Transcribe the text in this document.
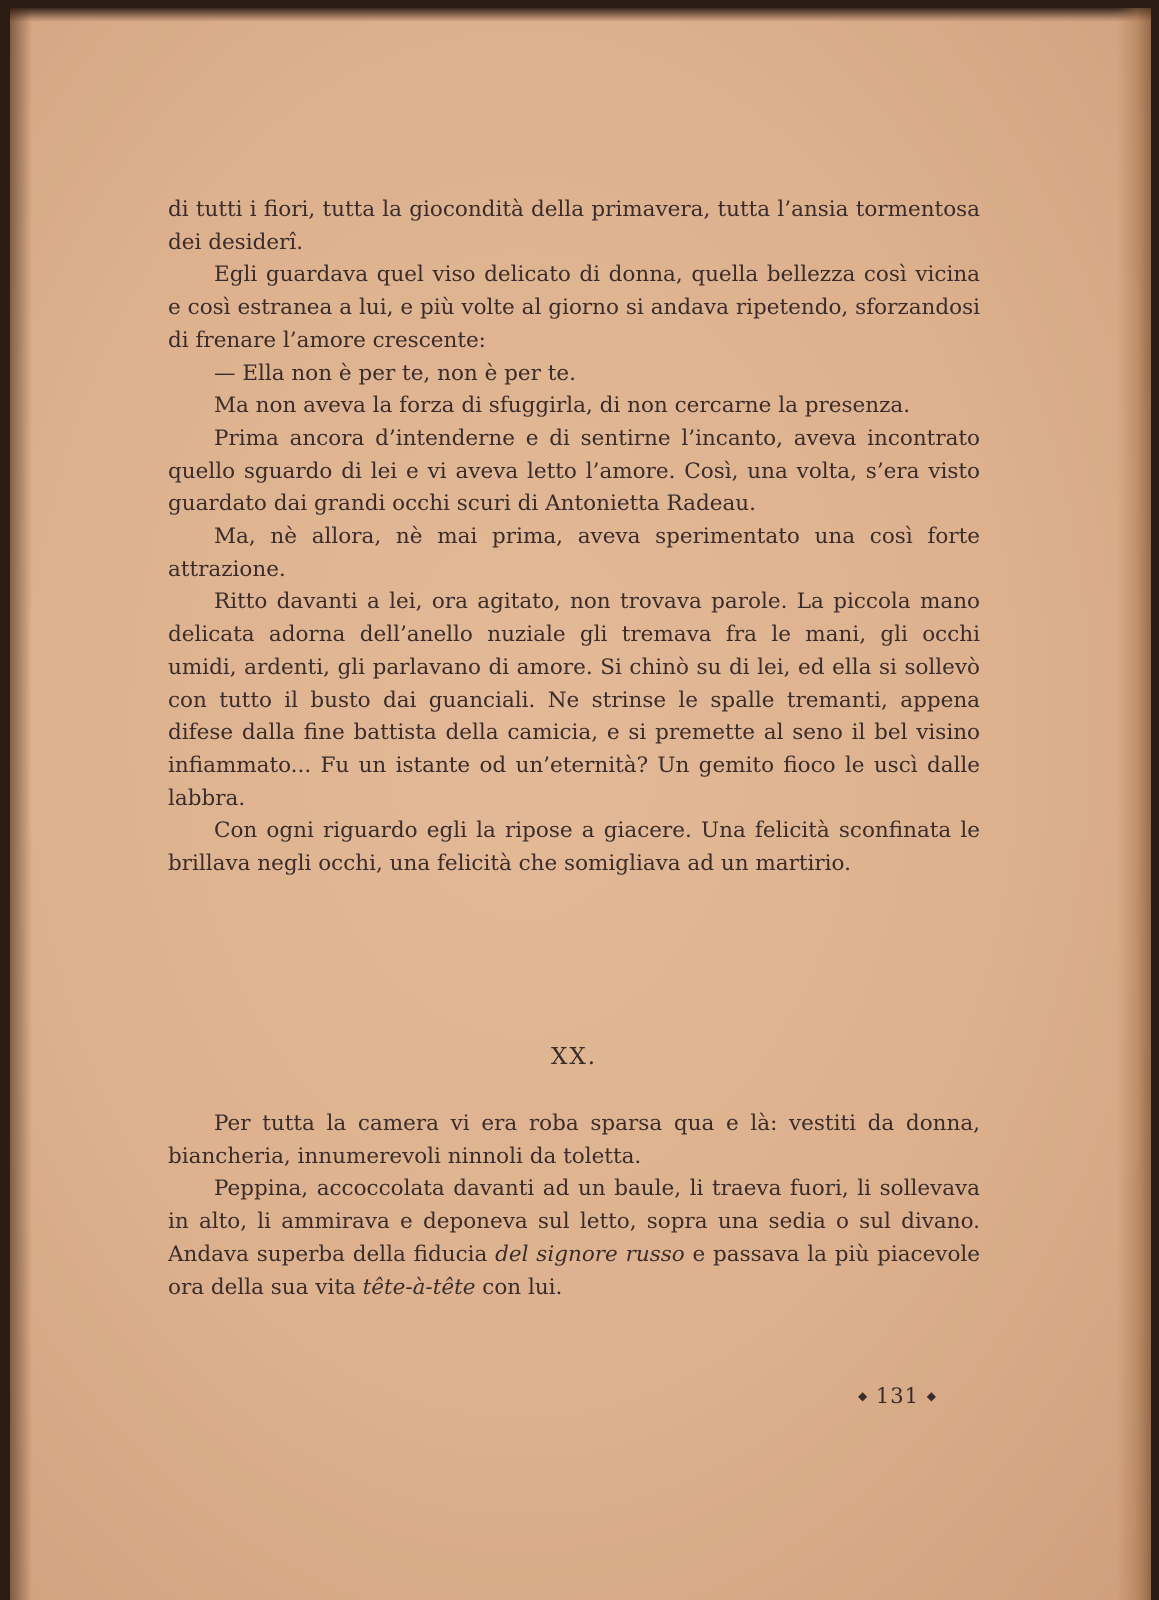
di tutti i fiori, tutta la giocondità della primavera, tutta l’ansia tormentosa dei desiderî.

Egli guardava quel viso delicato di donna, quella bellezza così vicina e così estranea a lui, e più volte al giorno si andava ripetendo, sforzandosi di frenare l’amore crescente:

— Ella non è per te, non è per te.

Ma non aveva la forza di sfuggirla, di non cercarne la presenza.

Prima ancora d’intenderne e di sentirne l’incanto, aveva incontrato quello sguardo di lei e vi aveva letto l’amore. Così, una volta, s’era visto guardato dai grandi occhi scuri di Antonietta Radeau.

Ma, nè allora, nè mai prima, aveva sperimentato una così forte attrazione.

Ritto davanti a lei, ora agitato, non trovava parole. La piccola mano delicata adorna dell’anello nuziale gli tremava fra le mani, gli occhi umidi, ardenti, gli parlavano di amore. Si chinò su di lei, ed ella si sollevò con tutto il busto dai guanciali. Ne strinse le spalle tremanti, appena difese dalla fine battista della camicia, e si premette al seno il bel visino infiammato... Fu un istante od un’eternità? Un gemito fioco le uscì dalle labbra.

Con ogni riguardo egli la ripose a giacere. Una felicità sconfinata le brillava negli occhi, una felicità che somigliava ad un martirio.

XX.

Per tutta la camera vi era roba sparsa qua e là: vestiti da donna, biancheria, innumerevoli ninnoli da toletta.

Peppina, accoccolata davanti ad un baule, li traeva fuori, li sollevava in alto, li ammirava e deponeva sul letto, sopra una sedia o sul divano. Andava superba della fiducia del signore russo e passava la più piacevole ora della sua vita tête-à-tête con lui.

◆ 131 ◆
